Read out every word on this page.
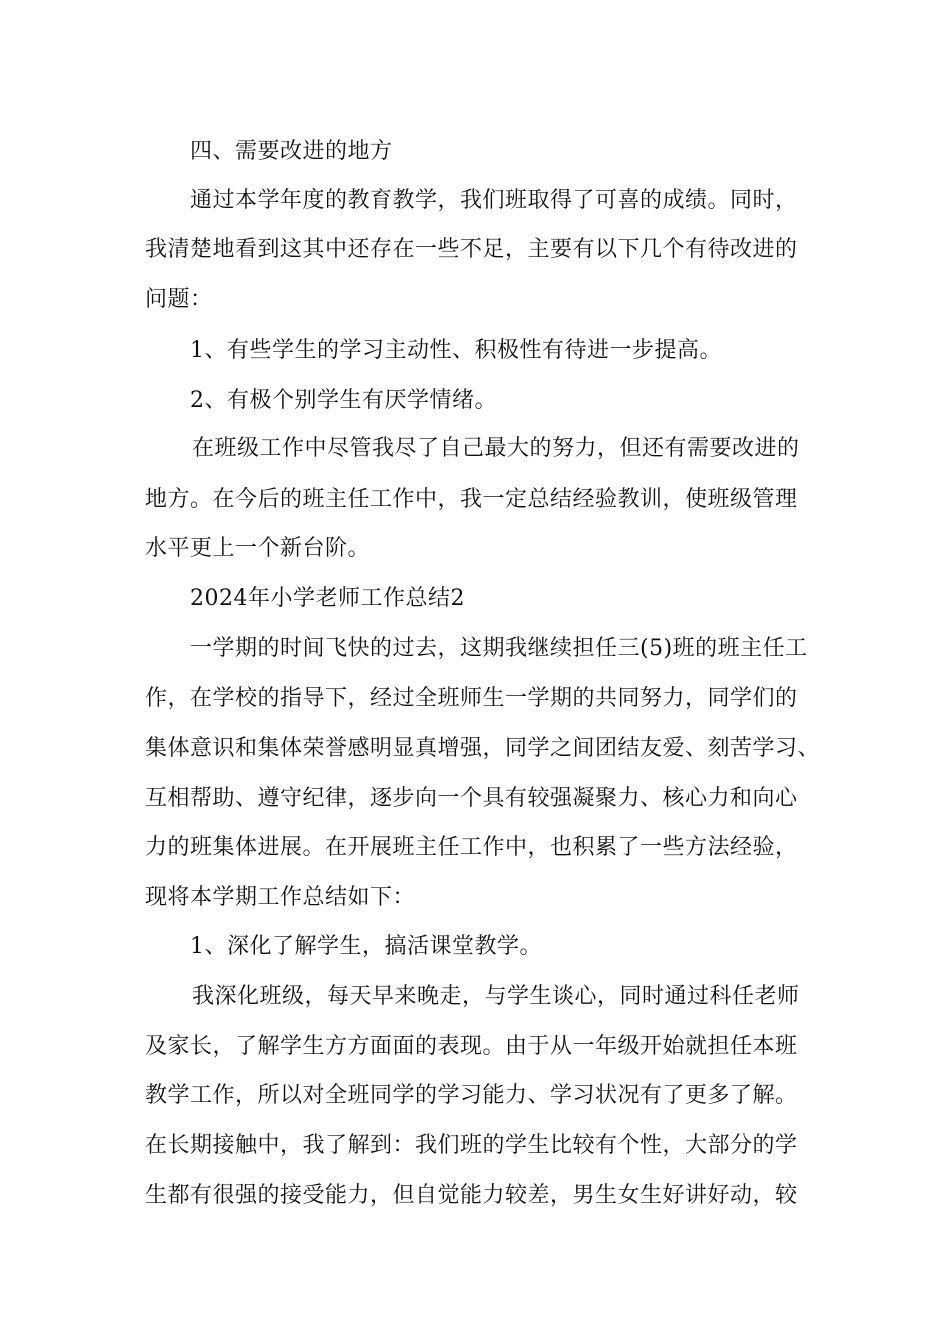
四、需要改进的地方
通过本学年度的教育教学，我们班取得了可喜的成绩。同时，
我清楚地看到这其中还存在一些不足，主要有以下几个有待改进的
问题：
1、有些学生的学习主动性、积极性有待进一步提高。
2、有极个别学生有厌学情绪。
在班级工作中尽管我尽了自己最大的努力，但还有需要改进的
地方。在今后的班主任工作中，我一定总结经验教训，使班级管理
水平更上一个新台阶。
2024年小学老师工作总结2
一学期的时间飞快的过去，这期我继续担任三(5)班的班主任工
作，在学校的指导下，经过全班师生一学期的共同努力，同学们的
集体意识和集体荣誉感明显真增强，同学之间团结友爱、刻苦学习、
互相帮助、遵守纪律，逐步向一个具有较强凝聚力、核心力和向心
力的班集体进展。在开展班主任工作中，也积累了一些方法经验，
现将本学期工作总结如下：
1、深化了解学生，搞活课堂教学。
我深化班级，每天早来晚走，与学生谈心，同时通过科任老师
及家长，了解学生方方面面的表现。由于从一年级开始就担任本班
教学工作，所以对全班同学的学习能力、学习状况有了更多了解。
在长期接触中，我了解到：我们班的学生比较有个性，大部分的学
生都有很强的接受能力，但自觉能力较差，男生女生好讲好动，较
